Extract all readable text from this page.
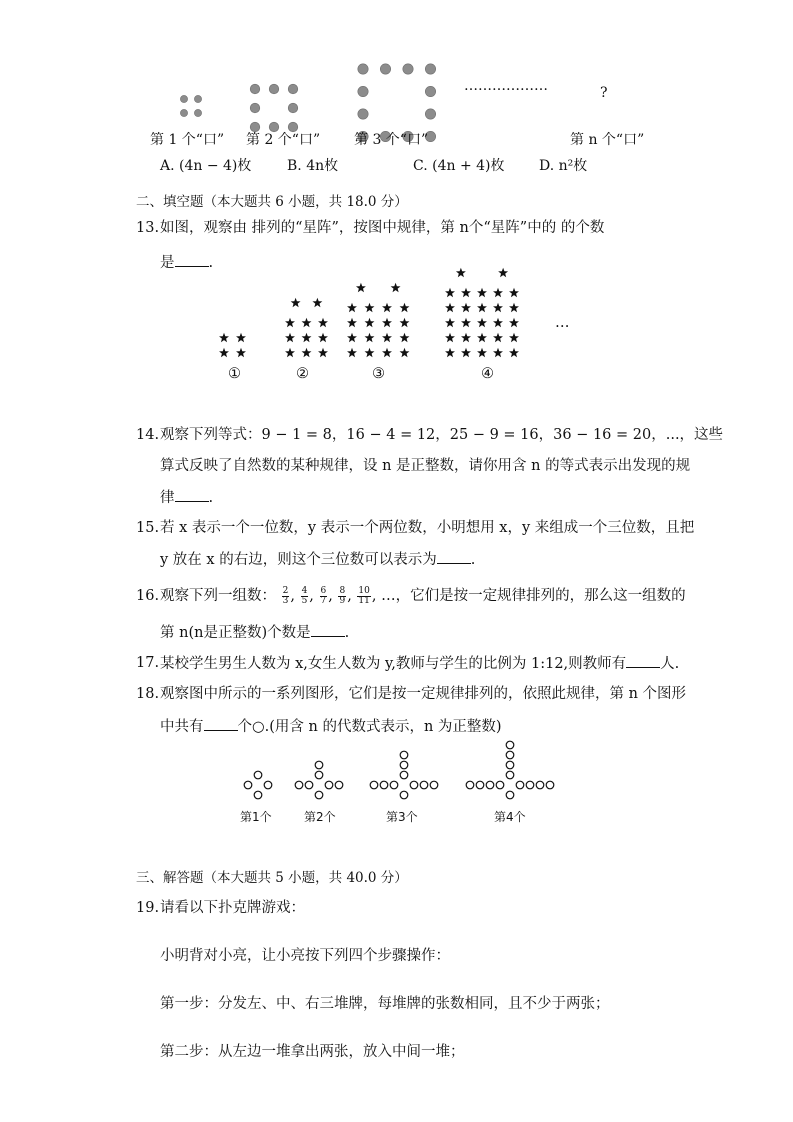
………………	?
第 1 个“口” 第 2 个“口” 第 3 个“口”	第 n 个“口”
A. (4n − 4)枚	B. 4n枚	C. (4n + 4)枚 D. n²枚
二、填空题（本大题共 6 小题，共 18.0 分）
13. 如图，观察由 排列的“星阵”，按图中规律，第 n个“星阵”中的 的个数
是 .
①	②	③	④
…
14. 观察下列等式：9 − 1 = 8，16 − 4 = 12，25 − 9 = 16，36 − 16 = 20，...，这些
算式反映了自然数的某种规律，设 n 是正整数，请你用含 n 的等式表示出发现的规
律 .
15. 若 x 表示一个一位数，y 表示一个两位数，小明想用 x，y 来组成一个三位数，且把
y 放在 x 的右边，则这个三位数可以表示为 .
16. 观察下列一组数： $\frac{2}{3}$ , $\frac{4}{5}$ , $\frac{6}{7}$ , $\frac{8}{9}$ , $\frac{10}{11}$ , …，它们是按一定规律排列的，那么这一组数的
第 n(n是正整数)个数是 .
17. 某校学生男生人数为 x,女生人数为 y,教师与学生的比例为 1:12,则教师有 人.
18. 观察图中所示的一系列图形，它们是按一定规律排列的，依照此规律，第 n 个图形
中共有 个○.(用含 n 的代数式表示，n 为正整数)
第1个	第2个	第3个	第4个
三、解答题（本大题共 5 小题，共 40.0 分）
19. 请看以下扑克牌游戏：
小明背对小亮，让小亮按下列四个步骤操作：
第一步：分发左、中、右三堆牌，每堆牌的张数相同，且不少于两张；
第二步：从左边一堆拿出两张，放入中间一堆；
